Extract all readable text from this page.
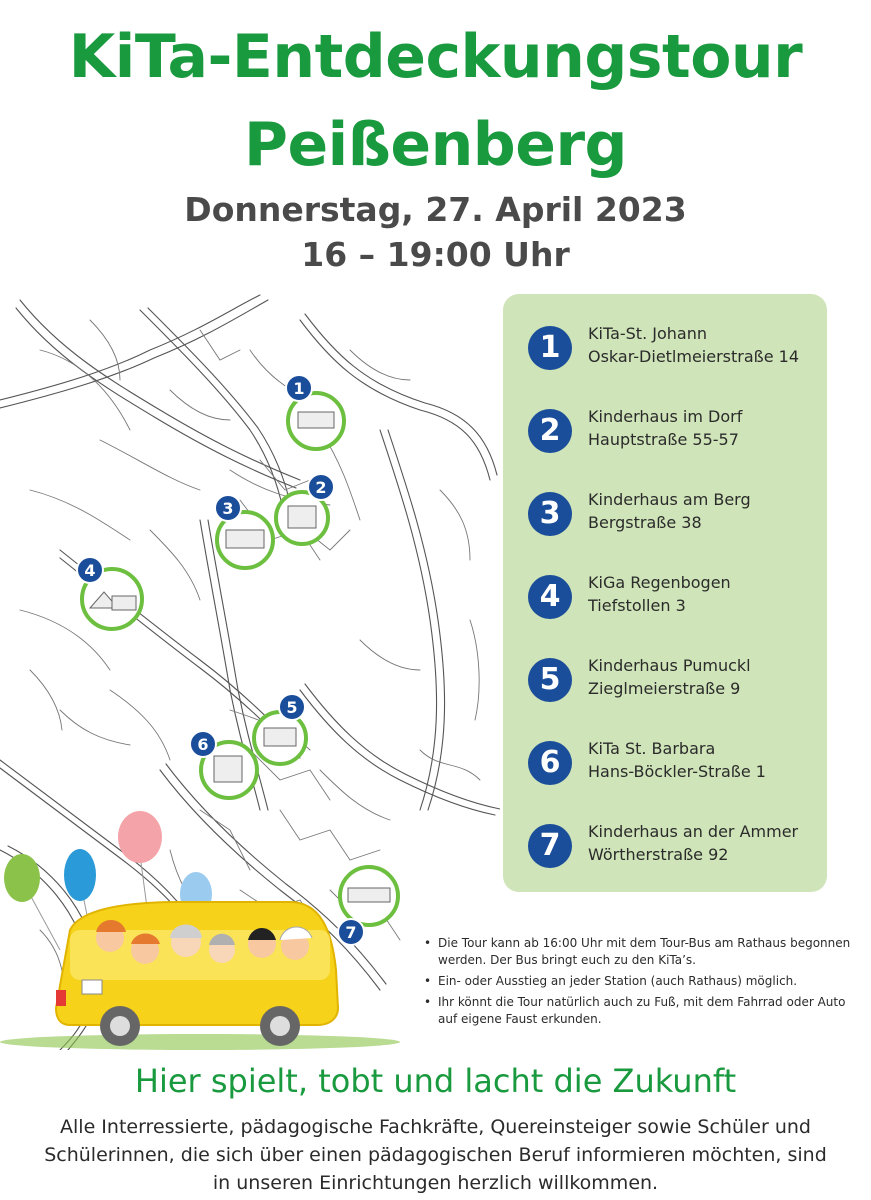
KiTa-Entdeckungstour
Peißenberg
Donnerstag, 27. April 2023
16 – 19:00 Uhr
1
2
3
4
5
6
7
1	KiTa-St. Johann
Oskar-Dietlmeierstraße 14
2	Kinderhaus im Dorf
Hauptstraße 55-57
3	Kinderhaus am Berg
Bergstraße 38
4	KiGa Regenbogen
Tiefstollen 3
5	Kinderhaus Pumuckl
Zieglmeierstraße 9
6	KiTa St. Barbara
Hans-Böckler-Straße 1
7	Kinderhaus an der Ammer
Wörtherstraße 92
• Die Tour kann ab 16:00 Uhr mit dem Tour-Bus am Rathaus begonnen werden. Der Bus bringt euch zu den KiTa’s.
• Ein- oder Ausstieg an jeder Station (auch Rathaus) möglich.
• Ihr könnt die Tour natürlich auch zu Fuß, mit dem Fahrrad oder Auto auf eigene Faust erkunden.
Hier spielt, tobt und lacht die Zukunft
Alle Interressierte, pädagogische Fachkräfte, Quereinsteiger sowie Schüler und Schülerinnen, die sich über einen pädagogischen Beruf informieren möchten, sind in unseren Einrichtungen herzlich willkommen.
